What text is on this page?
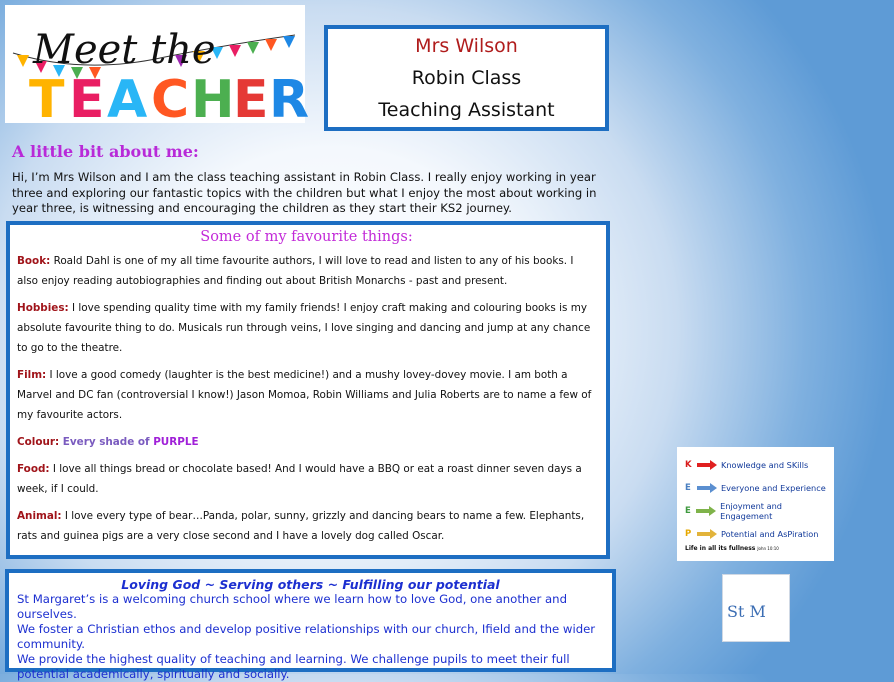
Meet the
T E A C H
E R
Mrs Wilson
Robin Class
Teaching Assistant
A little bit about me:
Hi, I’m Mrs Wilson and I am the class teaching assistant in Robin Class. I really enjoy working in year three and exploring our fantastic topics with the children but what I enjoy the most about working in year three, is witnessing and encouraging the children as they start their KS2 journey.
Some of my favourite things:
Book: Roald Dahl is one of my all time favourite authors, I will love to read and listen to any of his books. I also enjoy reading autobiographies and finding out about British Monarchs - past and present.
Hobbies: I love spending quality time with my family friends! I enjoy craft making and colouring books is my absolute favourite thing to do. Musicals run through veins, I love singing and dancing and jump at any chance to go to the theatre.
Film: I love a good comedy (laughter is the best medicine!) and a mushy lovey-dovey movie. I am both a Marvel and DC fan (controversial I know!) Jason Momoa, Robin Williams and Julia Roberts are to name a few of my favourite actors.
Colour: Every shade of PURPLE
Food: I love all things bread or chocolate based! And I would have a BBQ or eat a roast dinner seven days a week, if I could.
Animal: I love every type of bear…Panda, polar, sunny, grizzly and dancing bears to name a few. Elephants, rats and guinea pigs are a very close second and I have a lovely dog called Oscar.
Loving God ~ Serving others ~ Fulfilling our potential
St Margaret’s is a welcoming church school where we learn how to love God, one another and ourselves.
We foster a Christian ethos and develop positive relationships with our church, Ifield and the wider community.
We provide the highest quality of teaching and learning. We challenge pupils to meet their full potential academically, spiritually and socially.
K	Knowledge and SKills
E	Everyone and Experience
E	Enjoyment and Engagement
P	Potential and AsPiration
Life in all its fullness John 10:10
St M
